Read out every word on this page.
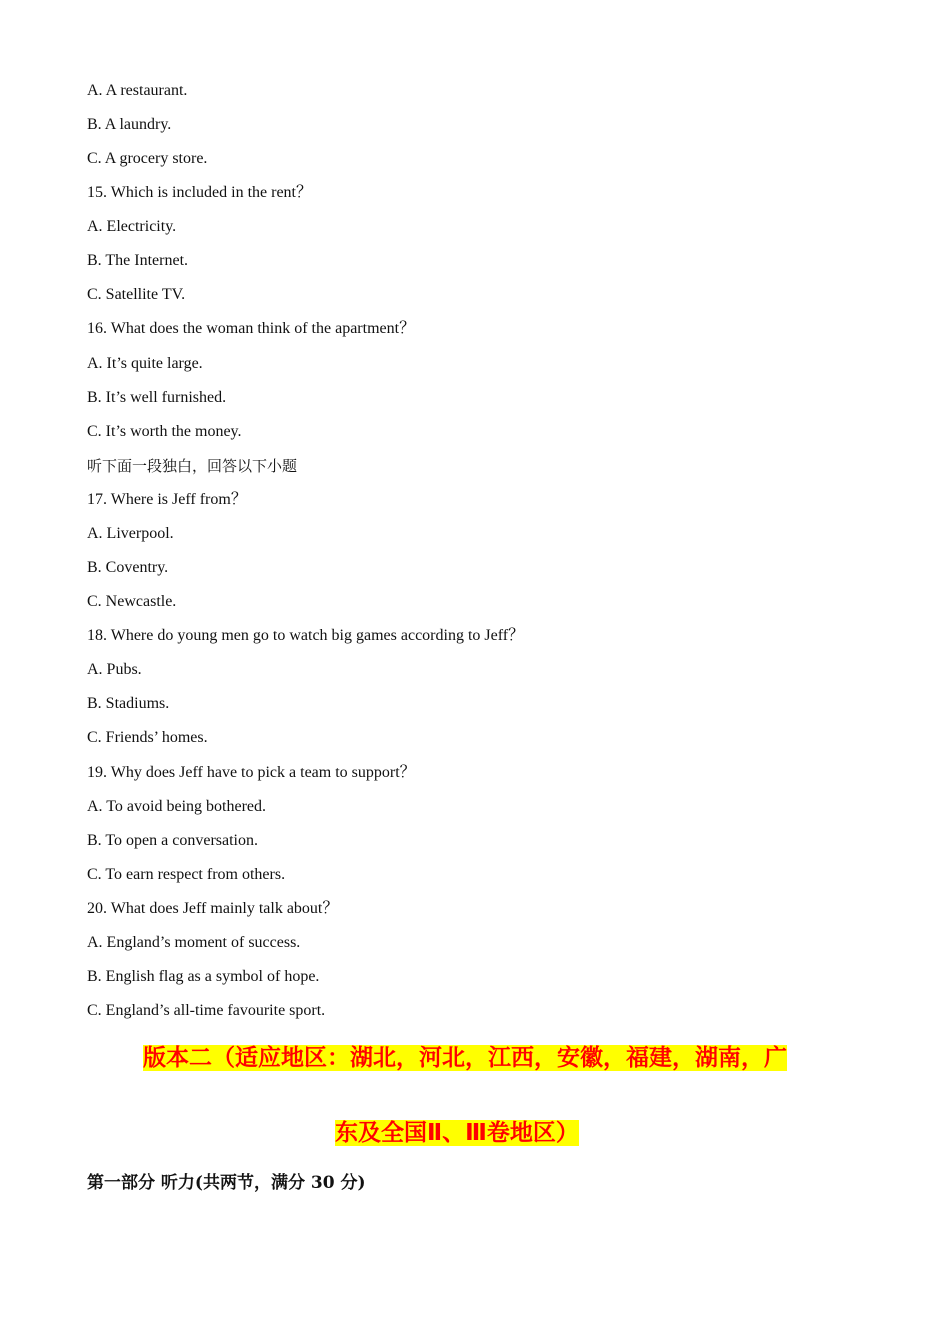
A. A restaurant.
B. A laundry.
C. A grocery store.
15. Which is included in the rent？
A. Electricity.
B. The Internet.
C. Satellite TV.
16. What does the woman think of the apartment？
A. It’s quite large.
B. It’s well furnished.
C. It’s worth the money.
听下面一段独白，回答以下小题
17. Where is Jeff from？
A. Liverpool.
B. Coventry.
C. Newcastle.
18. Where do young men go to watch big games according to Jeff？
A. Pubs.
B. Stadiums.
C. Friends’ homes.
19. Why does Jeff have to pick a team to support？
A. To avoid being bothered.
B. To open a conversation.
C. To earn respect from others.
20. What does Jeff mainly talk about？
A. England’s moment of success.
B. English flag as a symbol of hope.
C. England’s all-time favourite sport.
版本二（适应地区：湖北，河北，江西，安徽，福建，湖南，广
东及全国Ⅱ、Ⅲ卷地区）
第一部分 听力(共两节，满分 30 分)
